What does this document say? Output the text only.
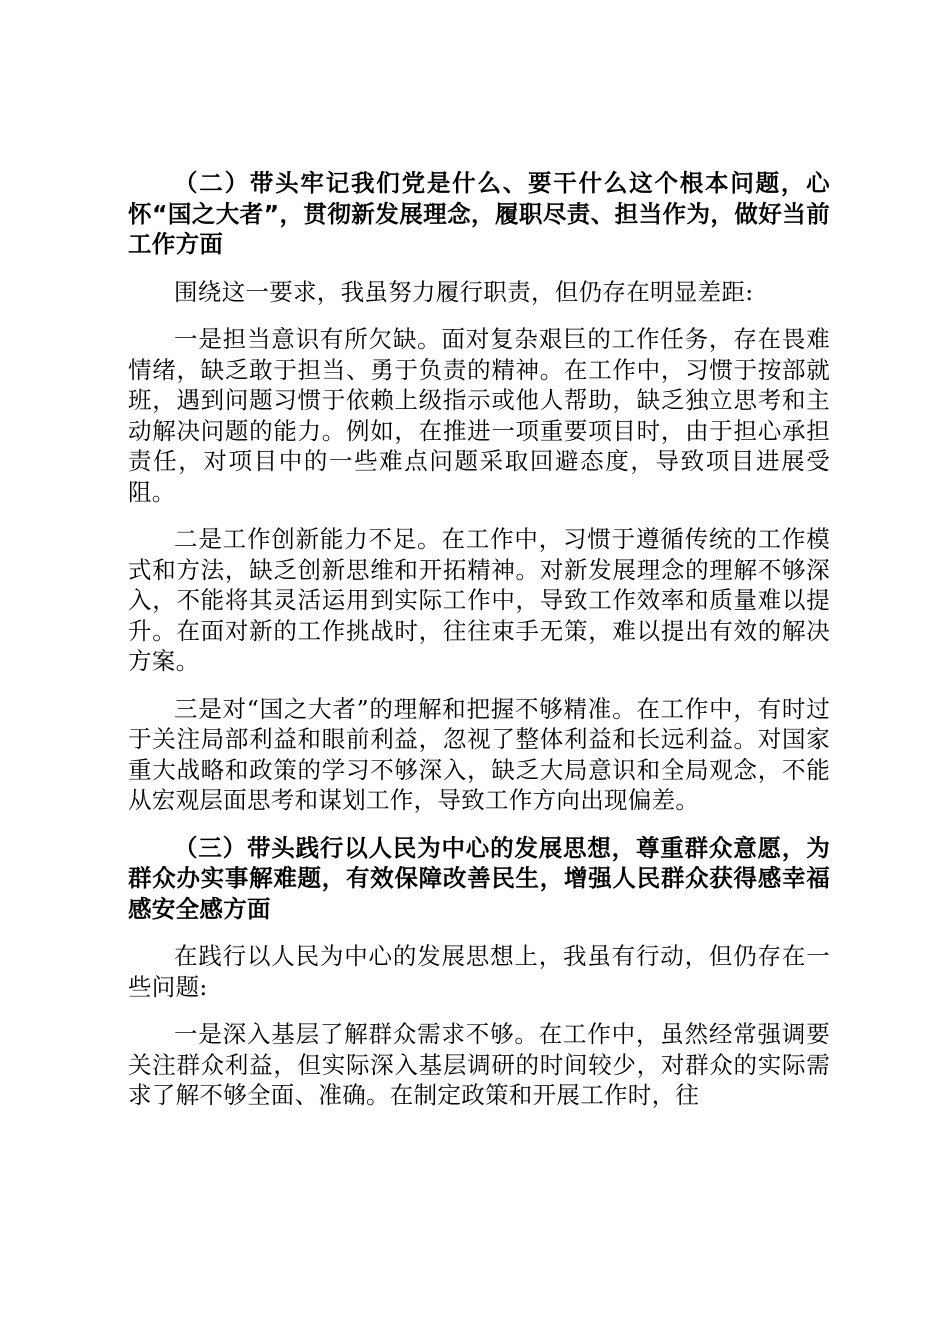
（二）带头牢记我们党是什么、要干什么这个根本问题，心怀“国之大者”，贯彻新发展理念，履职尽责、担当作为，做好当前工作方面

围绕这一要求，我虽努力履行职责，但仍存在明显差距:

一是担当意识有所欠缺。面对复杂艰巨的工作任务，存在畏难情绪，缺乏敢于担当、勇于负责的精神。在工作中，习惯于按部就班，遇到问题习惯于依赖上级指示或他人帮助，缺乏独立思考和主动解决问题的能力。例如，在推进一项重要项目时，由于担心承担责任，对项目中的一些难点问题采取回避态度，导致项目进展受阻。

二是工作创新能力不足。在工作中，习惯于遵循传统的工作模式和方法，缺乏创新思维和开拓精神。对新发展理念的理解不够深入，不能将其灵活运用到实际工作中，导致工作效率和质量难以提升。在面对新的工作挑战时，往往束手无策，难以提出有效的解决方案。

三是对“国之大者”的理解和把握不够精准。在工作中，有时过于关注局部利益和眼前利益，忽视了整体利益和长远利益。对国家重大战略和政策的学习不够深入，缺乏大局意识和全局观念，不能从宏观层面思考和谋划工作，导致工作方向出现偏差。

（三）带头践行以人民为中心的发展思想，尊重群众意愿，为群众办实事解难题，有效保障改善民生，增强人民群众获得感幸福感安全感方面

在践行以人民为中心的发展思想上，我虽有行动，但仍存在一些问题:

一是深入基层了解群众需求不够。在工作中，虽然经常强调要关注群众利益，但实际深入基层调研的时间较少，对群众的实际需求了解不够全面、准确。在制定政策和开展工作时，往
